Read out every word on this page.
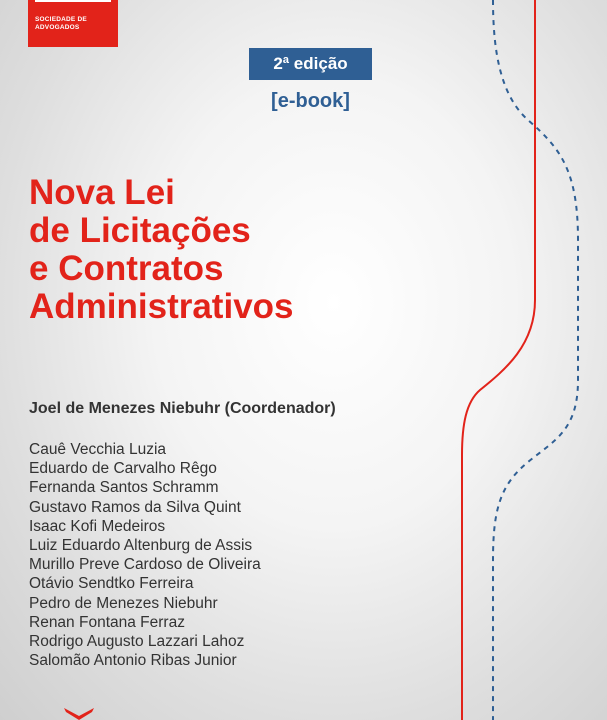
SOCIEDADE DE ADVOGADOS
2ª edição
[e-book]
Nova Lei
de Licitações
e Contratos
Administrativos
Joel de Menezes Niebuhr (Coordenador)
Cauê Vecchia Luzia
Eduardo de Carvalho Rêgo
Fernanda Santos Schramm
Gustavo Ramos da Silva Quint
Isaac Kofi Medeiros
Luiz Eduardo Altenburg de Assis
Murillo Preve Cardoso de Oliveira
Otávio Sendtko Ferreira
Pedro de Menezes Niebuhr
Renan Fontana Ferraz
Rodrigo Augusto Lazzari Lahoz
Salomão Antonio Ribas Junior
